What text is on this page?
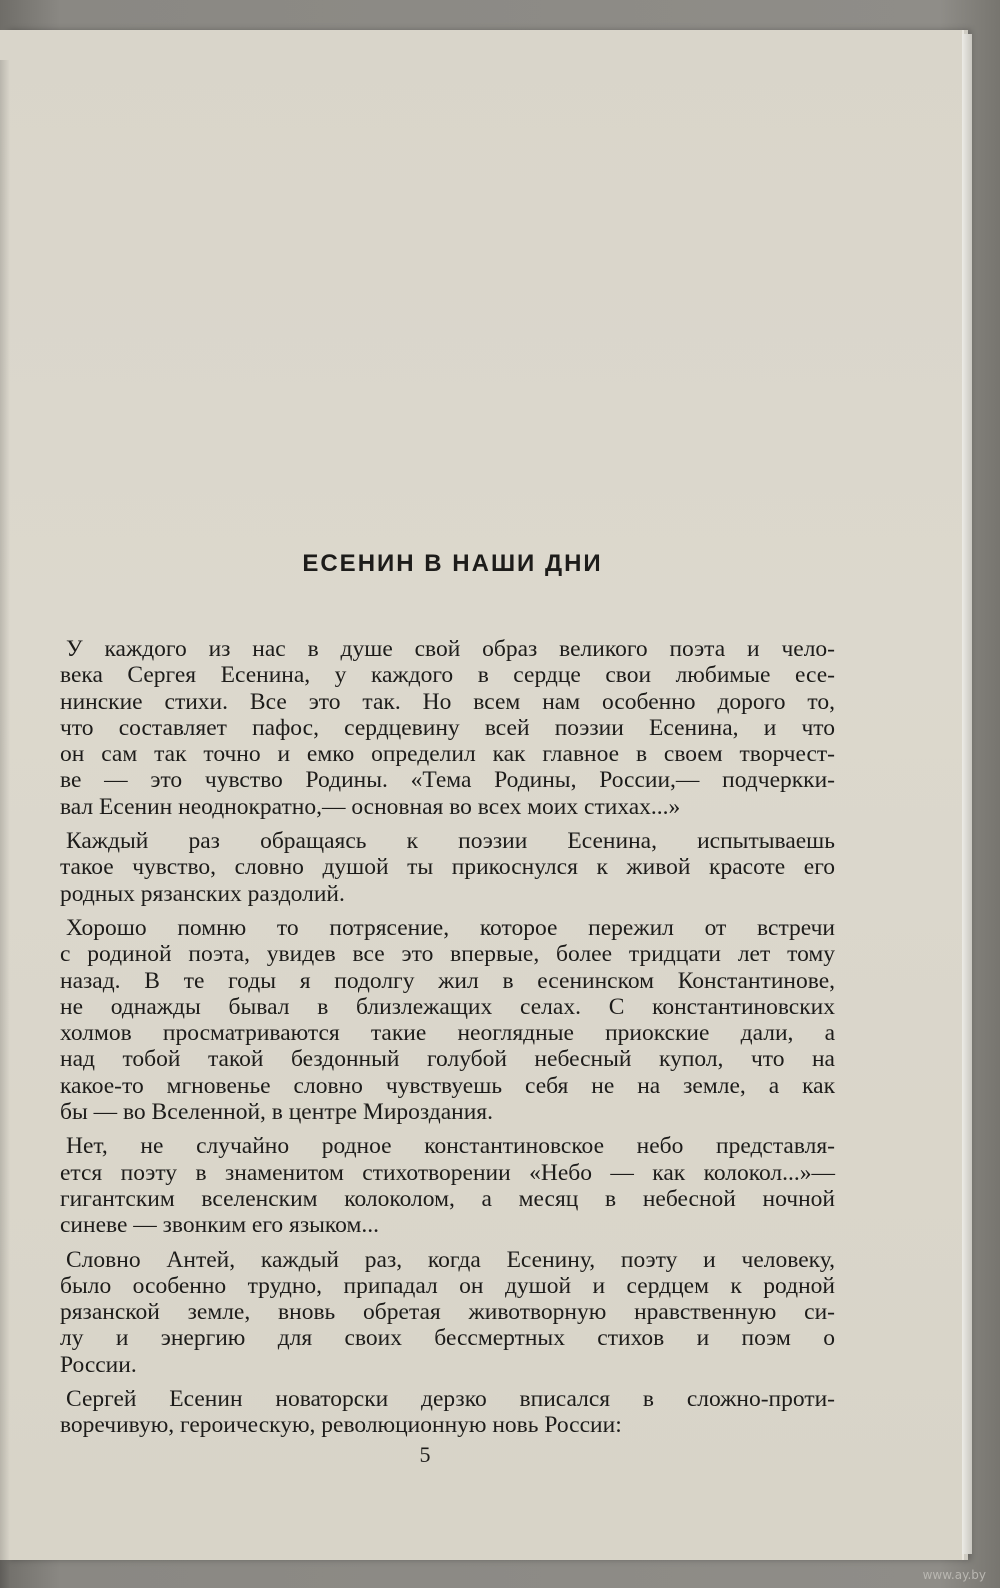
ЕСЕНИН В НАШИ ДНИ
У каждого из нас в душе свой образ великого поэта и чело-
века Сергея Есенина, у каждого в сердце свои любимые есе-
нинские стихи. Все это так. Но всем нам особенно дорого то,
что составляет пафос, сердцевину всей поэзии Есенина, и что
он сам так точно и емко определил как главное в своем творчест-
ве — это чувство Родины. «Тема Родины, России,— подчеркки-
вал Есенин неоднократно,— основная во всех моих стихах...»
Каждый раз обращаясь к поэзии Есенина, испытываешь
такое чувство, словно душой ты прикоснулся к живой красоте его
родных рязанских раздолий.
Хорошо помню то потрясение, которое пережил от встречи
с родиной поэта, увидев все это впервые, более тридцати лет тому
назад. В те годы я подолгу жил в есенинском Константинове,
не однажды бывал в близлежащих селах. С константиновских
холмов просматриваются такие неоглядные приокские дали, а
над тобой такой бездонный голубой небесный купол, что на
какое-то мгновенье словно чувствуешь себя не на земле, а как
бы — во Вселенной, в центре Мироздания.
Нет, не случайно родное константиновское небо представля-
ется поэту в знаменитом стихотворении «Небо — как колокол...»—
гигантским вселенским колоколом, а месяц в небесной ночной
синеве — звонким его языком...
Словно Антей, каждый раз, когда Есенину, поэту и человеку,
было особенно трудно, припадал он душой и сердцем к родной
рязанской земле, вновь обретая животворную нравственную си-
лу и энергию для своих бессмертных стихов и поэм о
России.
Сергей Есенин новаторски дерзко вписался в сложно-проти-
воречивую, героическую, революционную новь России:
5
www.ay.by
